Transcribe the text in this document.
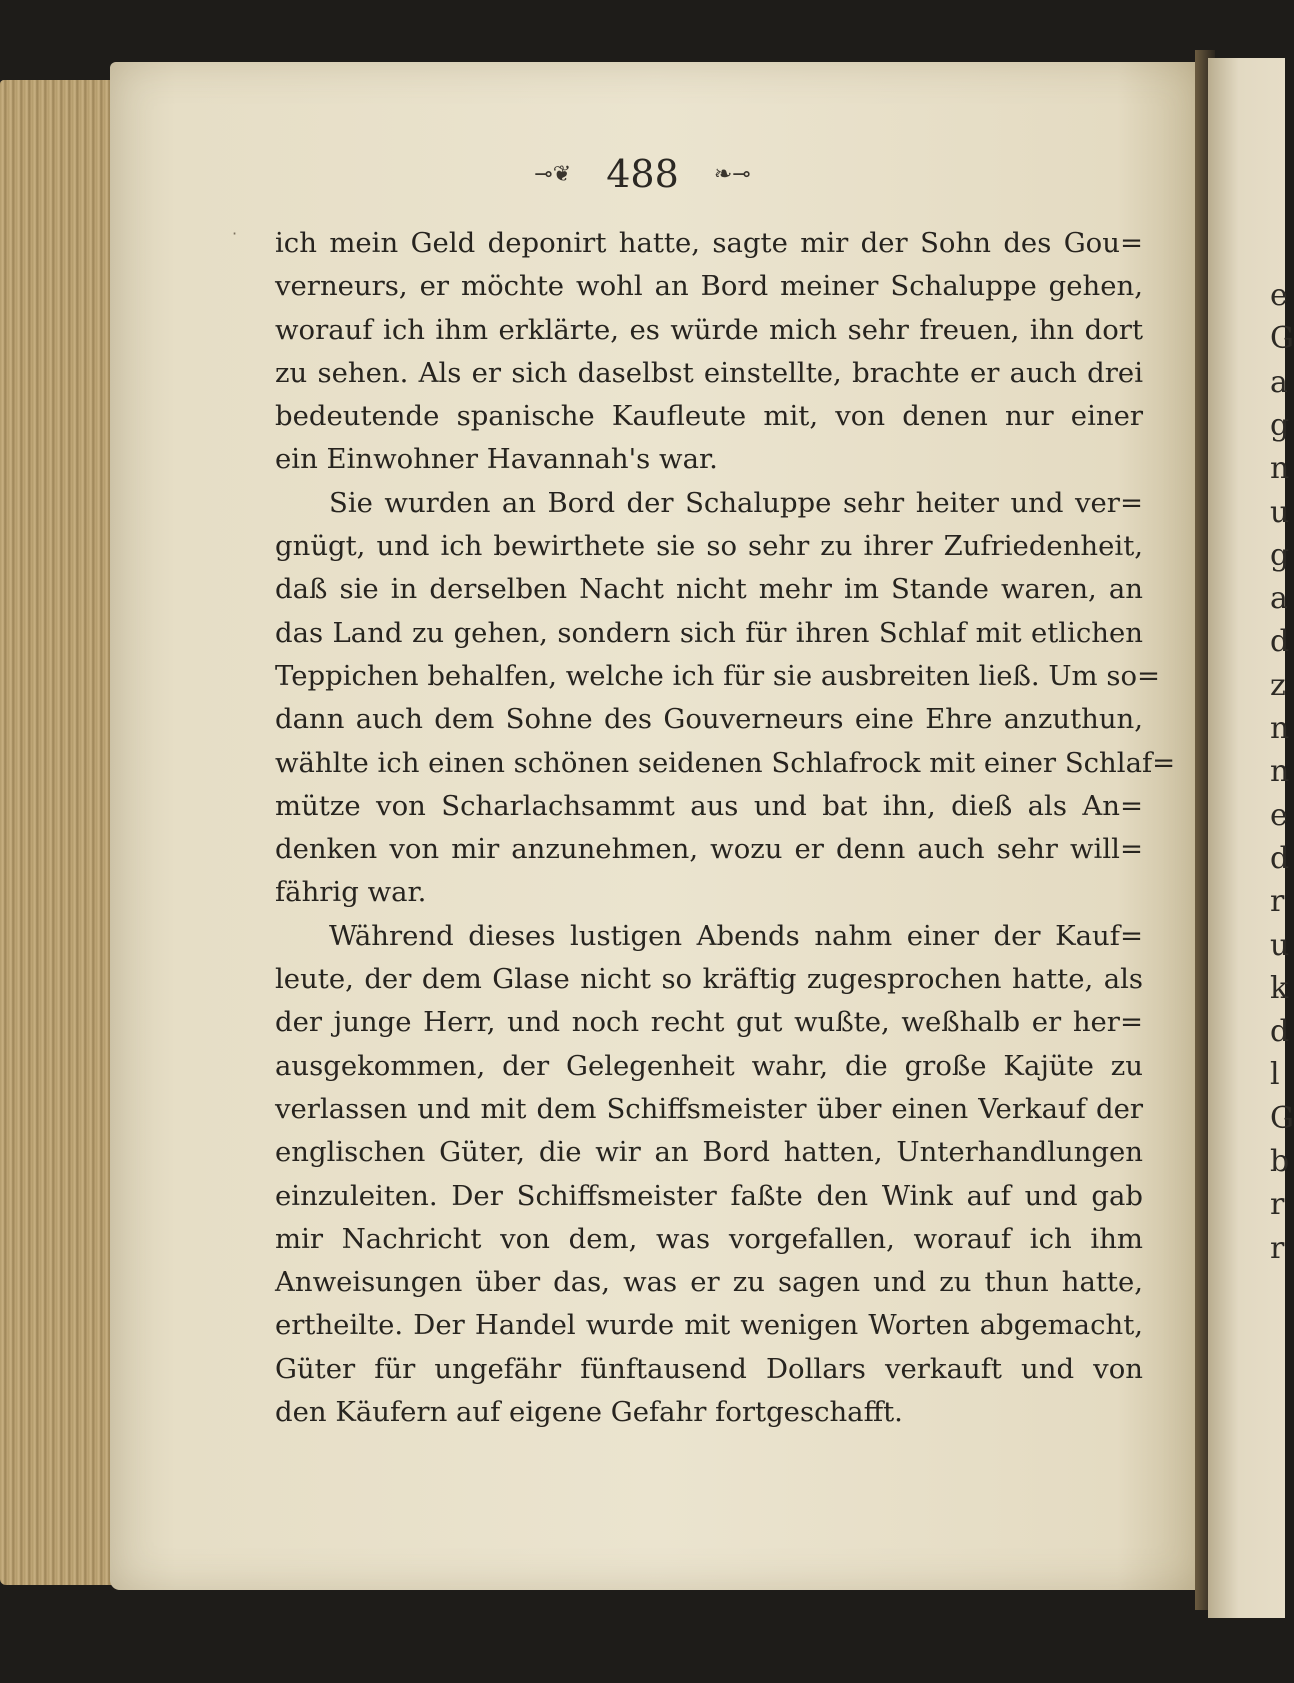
e
G
a
g
n
u
g
a
d
z
n
n
e
d
r
u
k
d
l
G
b
r
r
·
⊸❦ 488 ❧⊸
ich mein Geld deponirt hatte, sagte mir der Sohn des Gou=
verneurs, er möchte wohl an Bord meiner Schaluppe gehen,
worauf ich ihm erklärte, es würde mich sehr freuen, ihn dort
zu sehen. Als er sich daselbst einstellte, brachte er auch drei
bedeutende spanische Kaufleute mit, von denen nur einer
ein Einwohner Havannah's war.
Sie wurden an Bord der Schaluppe sehr heiter und ver=
gnügt, und ich bewirthete sie so sehr zu ihrer Zufriedenheit,
daß sie in derselben Nacht nicht mehr im Stande waren, an
das Land zu gehen, sondern sich für ihren Schlaf mit etlichen
Teppichen behalfen, welche ich für sie ausbreiten ließ. Um so=
dann auch dem Sohne des Gouverneurs eine Ehre anzuthun,
wählte ich einen schönen seidenen Schlafrock mit einer Schlaf=
mütze von Scharlachsammt aus und bat ihn, dieß als An=
denken von mir anzunehmen, wozu er denn auch sehr will=
fährig war.
Während dieses lustigen Abends nahm einer der Kauf=
leute, der dem Glase nicht so kräftig zugesprochen hatte, als
der junge Herr, und noch recht gut wußte, weßhalb er her=
ausgekommen, der Gelegenheit wahr, die große Kajüte zu
verlassen und mit dem Schiffsmeister über einen Verkauf der
englischen Güter, die wir an Bord hatten, Unterhandlungen
einzuleiten. Der Schiffsmeister faßte den Wink auf und gab
mir Nachricht von dem, was vorgefallen, worauf ich ihm
Anweisungen über das, was er zu sagen und zu thun hatte,
ertheilte. Der Handel wurde mit wenigen Worten abgemacht,
Güter für ungefähr fünftausend Dollars verkauft und von
den Käufern auf eigene Gefahr fortgeschafft.
